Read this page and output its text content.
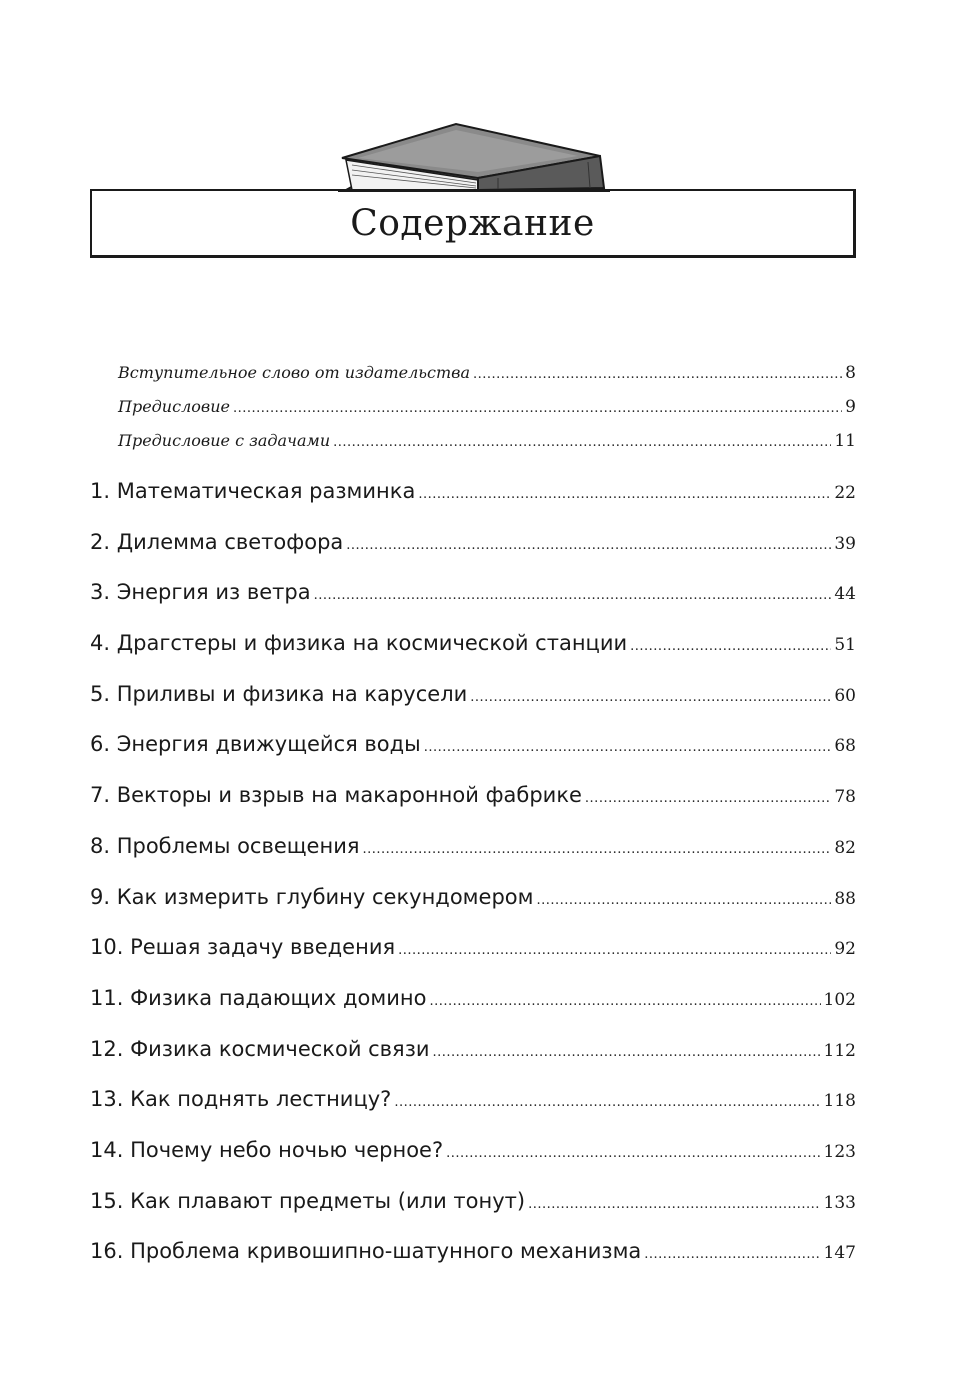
Содержание
Вступительное слово от издательства .....	8
Предисловие .....	9
Предисловие с задачами .....	11
1. Математическая разминка .....	22
2. Дилемма светофора .....	39
3. Энергия из ветра .....	44
4. Драгстеры и физика на космической станции .....	51
5. Приливы и физика на карусели .....	60
6. Энергия движущейся воды .....	68
7. Векторы и взрыв на макаронной фабрике .....	78
8. Проблемы освещения .....	82
9. Как измерить глубину секундомером .....	88
10. Решая задачу введения .....	92
11. Физика падающих домино .....	102
12. Физика космической связи .....	112
13. Как поднять лестницу? .....	118
14. Почему небо ночью черное? .....	123
15. Как плавают предметы (или тонут) .....	133
16. Проблема кривошипно-шатунного механизма .....	147
